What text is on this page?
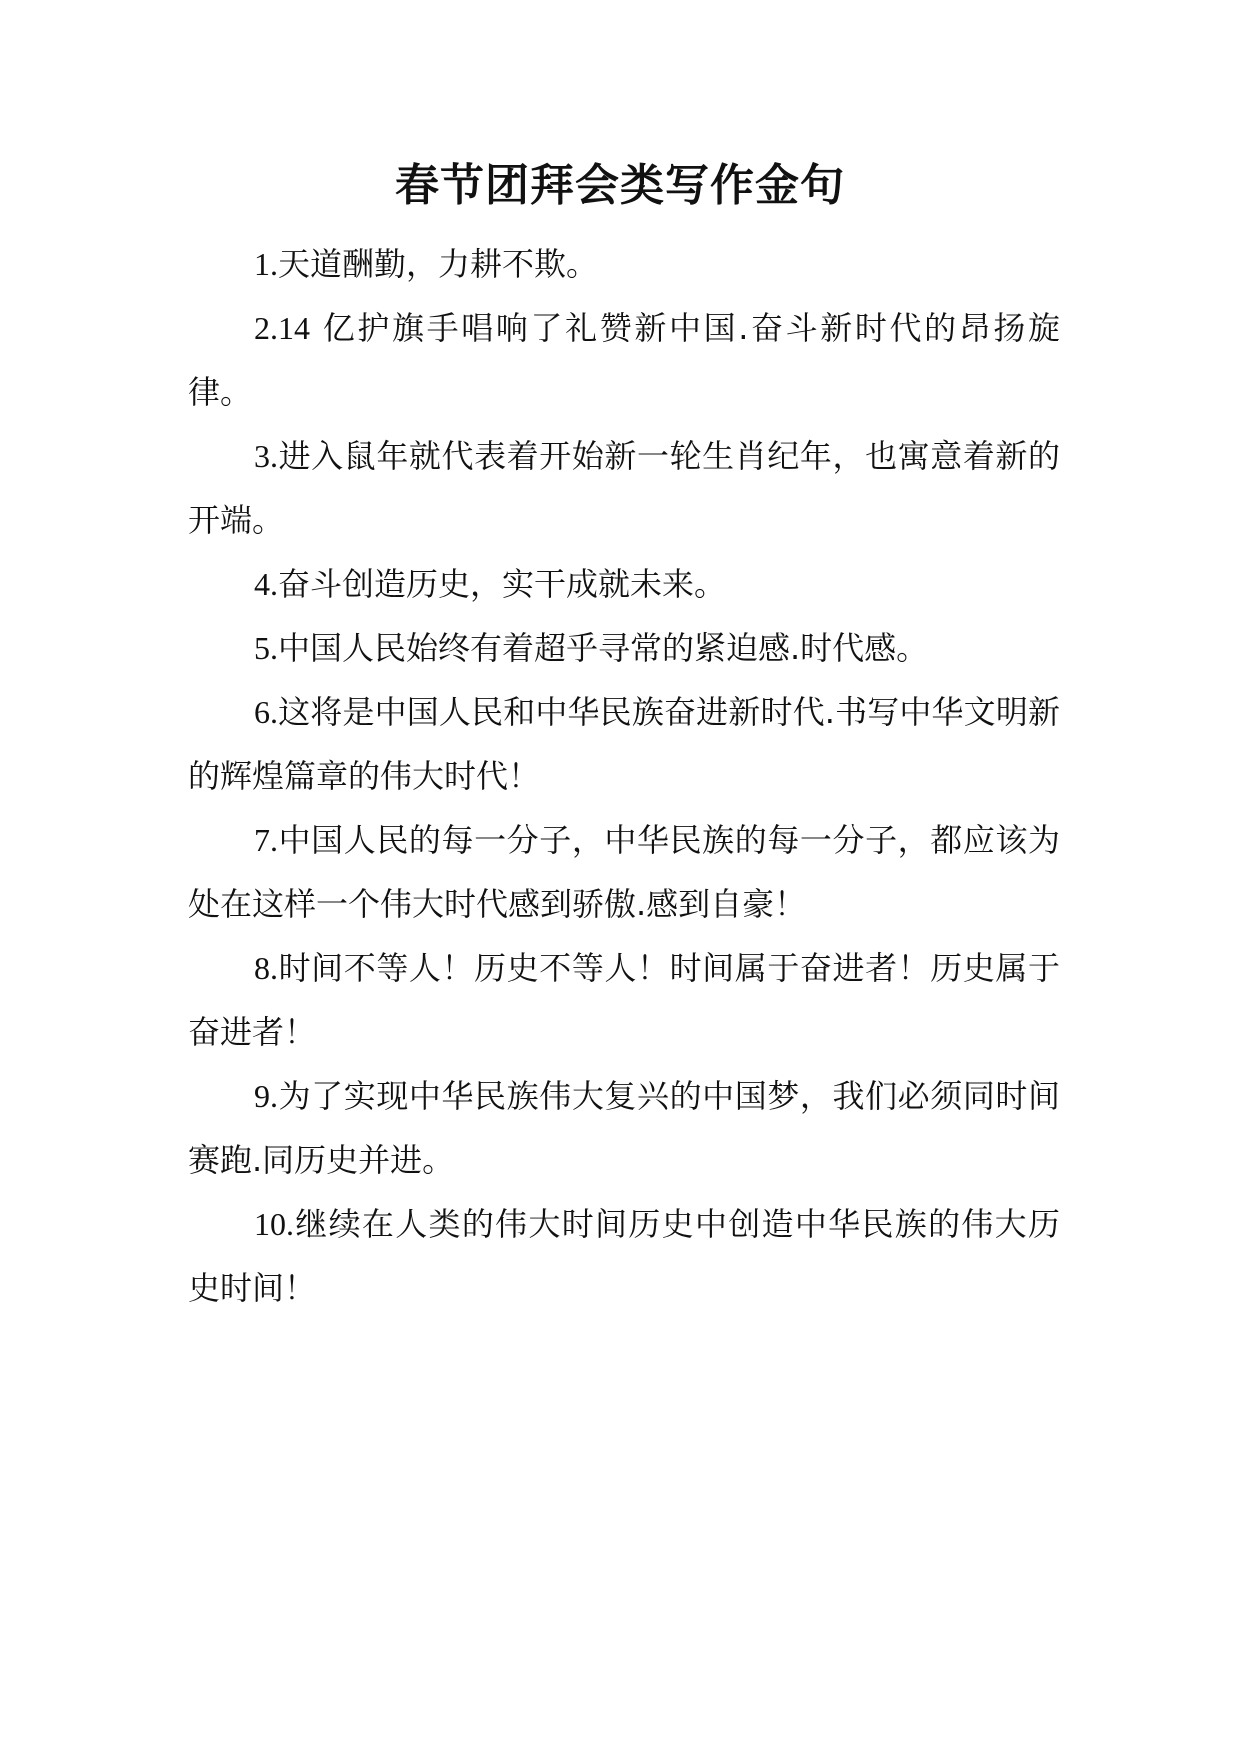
春节团拜会类写作金句
1.天道酬勤，力耕不欺。
2.14 亿护旗手唱响了礼赞新中国.奋斗新时代的昂扬旋律。
3.进入鼠年就代表着开始新一轮生肖纪年，也寓意着新的开端。
4.奋斗创造历史，实干成就未来。
5.中国人民始终有着超乎寻常的紧迫感.时代感。
6.这将是中国人民和中华民族奋进新时代.书写中华文明新的辉煌篇章的伟大时代！
7.中国人民的每一分子，中华民族的每一分子，都应该为处在这样一个伟大时代感到骄傲.感到自豪！
8.时间不等人！历史不等人！时间属于奋进者！历史属于奋进者！
9.为了实现中华民族伟大复兴的中国梦，我们必须同时间赛跑.同历史并进。
10.继续在人类的伟大时间历史中创造中华民族的伟大历史时间！
